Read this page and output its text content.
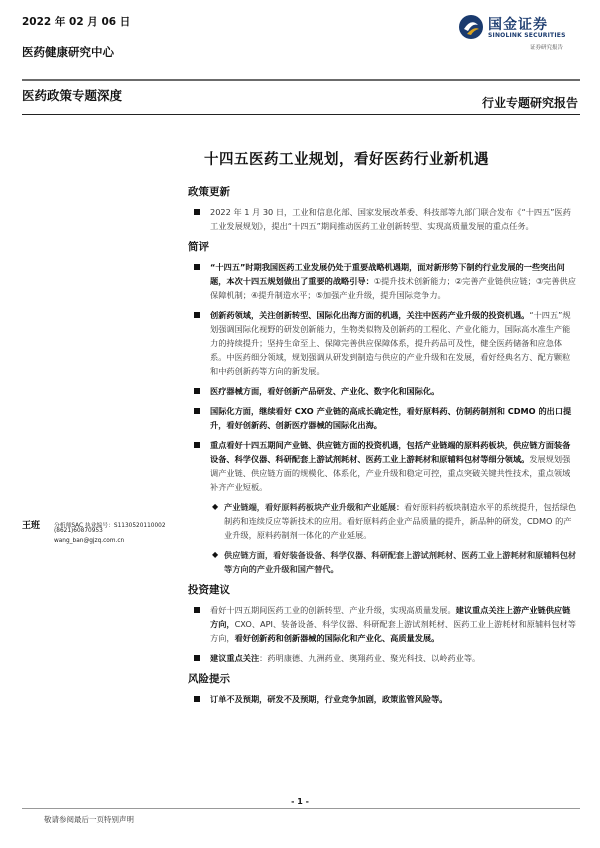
2022 年 02 月 06 日
医药健康研究中心
国金证券
SINOLINK SECURITIES
证券研究报告
医药政策专题深度	行业专题研究报告
十四五医药工业规划，看好医药行业新机遇
政策更新
2022 年 1 月 30 日，工业和信息化部、国家发展改革委、科技部等九部门联合发布《“十四五”医药工业发展规划》，提出“十四五”期间推动医药工业创新转型、实现高质量发展的重点任务。
简评
“十四五”时期我国医药工业发展仍处于重要战略机遇期，面对新形势下制约行业发展的一些突出问题，本次十四五规划做出了重要的战略引导：①提升技术创新能力；②完善产业链供应链；③完善供应保障机制；④提升制造水平；⑤加强产业升级，提升国际竞争力。
创新药领域，关注创新转型、国际化出海方面的机遇，关注中医药产业升级的投资机遇。“十四五”规划强调国际化视野的研发创新能力，生物类似物及创新药的工程化、产业化能力，国际高水准生产能力的持续提升；坚持生命至上、保障完善供应保障体系，提升药品可及性，健全医药储备和应急体系。中医药细分领域，规划强调从研发到制造与供应的产业升级和在发展，看好经典名方、配方颗粒和中药创新药等方向的新发展。
医疗器械方面，看好创新产品研发、产业化、数字化和国际化。
国际化方面，继续看好 CXO 产业链的高成长确定性，看好原料药、仿制药制剂和 CDMO 的出口提升，看好创新药、创新医疗器械的国际化出海。
重点看好十四五期间产业链、供应链方面的投资机遇，包括产业链端的原料药板块，供应链方面装备设备、科学仪器、科研配套上游试剂耗材、医药工业上游耗材和原辅料包材等细分领域。发展规划强调产业链、供应链方面的规模化、体系化，产业升级和稳定可控，重点突破关键共性技术，重点领域补齐产业短板。
◆ 产业链端，看好原料药板块产业升级和产业延展：看好原料药板块制造水平的系统提升，包括绿色制药和连续反应等新技术的应用。看好原料药企业产品质量的提升，新品种的研发，CDMO 的产业升级，原料药制剂一体化的产业延展。
◆ 供应链方面，看好装备设备、科学仪器、科研配套上游试剂耗材、医药工业上游耗材和原辅料包材等方向的产业升级和国产替代。
投资建议
看好十四五期间医药工业的创新转型、产业升级，实现高质量发展。建议重点关注上游产业链供应链方向，CXO、API、装备设备、科学仪器、科研配套上游试剂耗材、医药工业上游耗材和原辅料包材等方向，看好创新药和创新器械的国际化和产业化、高质量发展。
建议重点关注：药明康德、九洲药业、奥翔药业、聚光科技、以岭药业等。
风险提示
订单不及预期，研发不及预期，行业竞争加剧，政策监管风险等。
王班	分析师SAC 执业编号：S1130520110002
(8621)60870953
wang_ban@gjzq.com.cn
- 1 -
敬请参阅最后一页特别声明
